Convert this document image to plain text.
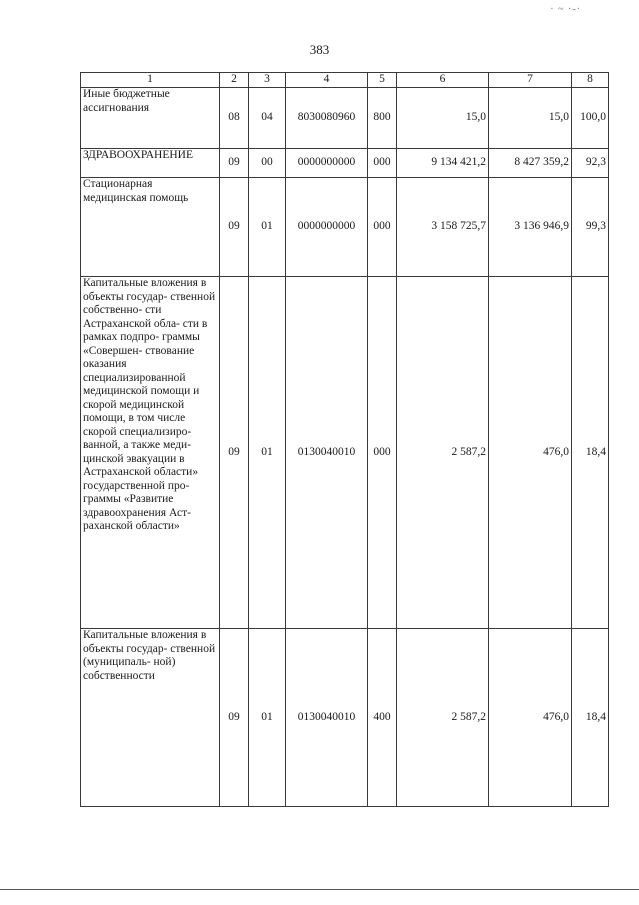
· ~ ·-·
383
1	2	3	4	5	6	7	8
Иные бюджетные ассигнования	08	04	8030080960	800	15,0	15,0	100,0
ЗДРАВООХРАНЕНИЕ	09	00	0000000000	000	9 134 421,2	8 427 359,2	92,3
Стационарная медицинская помощь	09	01	0000000000	000	3 158 725,7	3 136 946,9	99,3
Капитальные вложения в объекты государ- ственной собственно- сти Астраханской обла- сти в рамках подпро- граммы «Совершен- ствование оказания специализированной медицинской помощи и скорой медицинской помощи, в том числе скорой специализиро- ванной, а также меди- цинской эвакуации в Астраханской области» государственной про- граммы «Развитие здравоохранения Аст- раханской области»	09	01	0130040010	000	2 587,2	476,0	18,4
Капитальные вложения в объекты государ- ственной (муниципаль- ной) собственности	09	01	0130040010	400	2 587,2	476,0	18,4
